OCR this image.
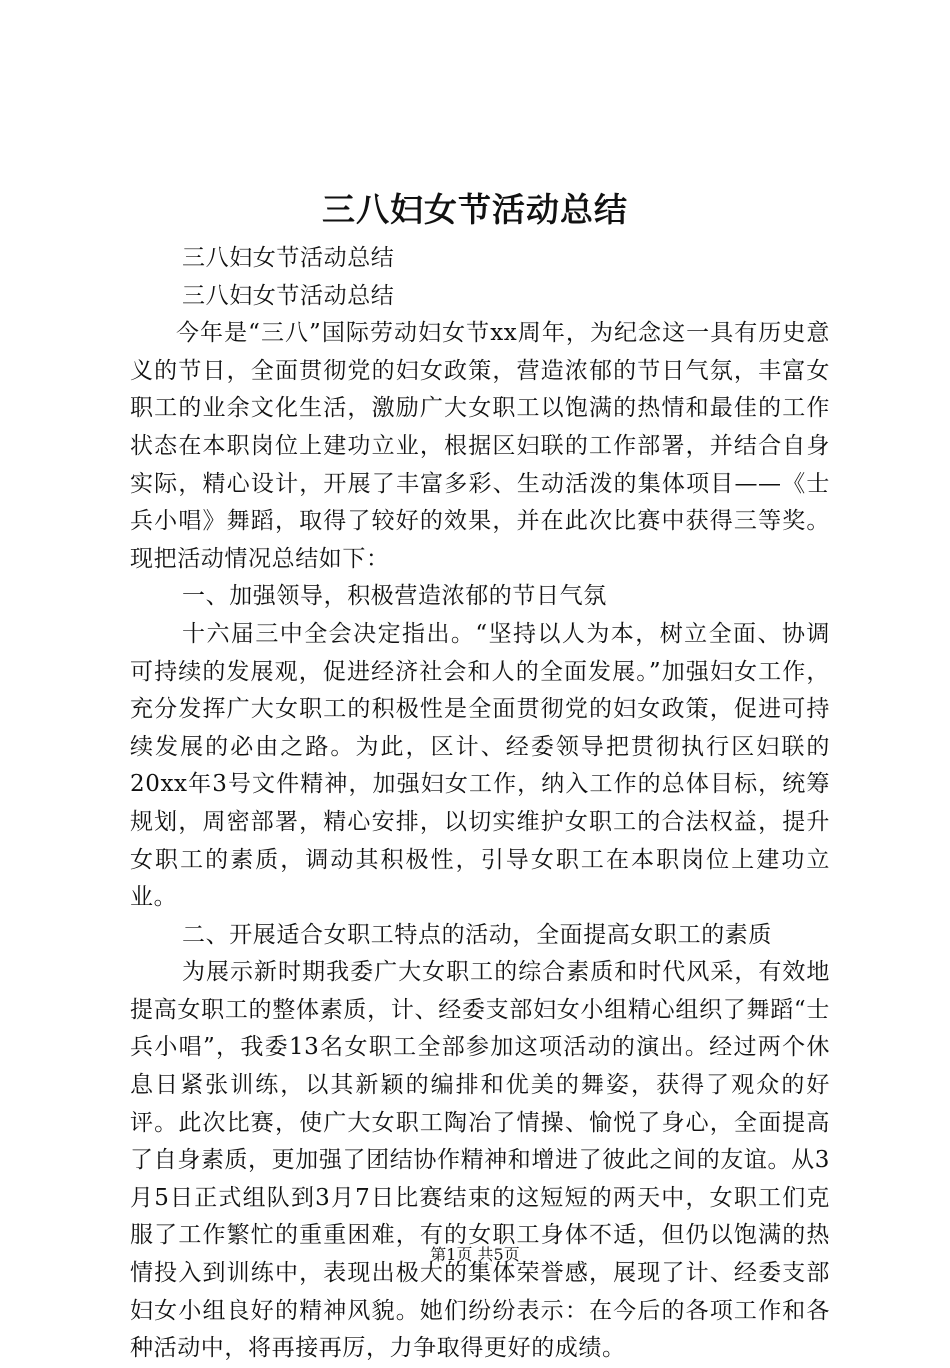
三八妇女节活动总结

三八妇女节活动总结

三八妇女节活动总结

今年是“三八”国际劳动妇女节xx周年，为纪念这一具有历史意义的节日，全面贯彻党的妇女政策，营造浓郁的节日气氛，丰富女职工的业余文化生活，激励广大女职工以饱满的热情和最佳的工作状态在本职岗位上建功立业，根据区妇联的工作部署，并结合自身实际，精心设计，开展了丰富多彩、生动活泼的集体项目——《士兵小唱》舞蹈，取得了较好的效果，并在此次比赛中获得三等奖。现把活动情况总结如下：

一、加强领导，积极营造浓郁的节日气氛

十六届三中全会决定指出。“坚持以人为本，树立全面、协调可持续的发展观，促进经济社会和人的全面发展。”加强妇女工作，充分发挥广大女职工的积极性是全面贯彻党的妇女政策，促进可持续发展的必由之路。为此，区计、经委领导把贯彻执行区妇联的20xx年3号文件精神，加强妇女工作，纳入工作的总体目标，统筹规划，周密部署，精心安排，以切实维护女职工的合法权益，提升女职工的素质，调动其积极性，引导女职工在本职岗位上建功立业。

二、开展适合女职工特点的活动，全面提高女职工的素质

为展示新时期我委广大女职工的综合素质和时代风采，有效地提高女职工的整体素质，计、经委支部妇女小组精心组织了舞蹈“士兵小唱”，我委13名女职工全部参加这项活动的演出。经过两个休息日紧张训练，以其新颖的编排和优美的舞姿，获得了观众的好评。此次比赛，使广大女职工陶冶了情操、愉悦了身心，全面提高了自身素质，更加强了团结协作精神和增进了彼此之间的友谊。从3月5日正式组队到3月7日比赛结束的这短短的两天中，女职工们克服了工作繁忙的重重困难，有的女职工身体不适，但仍以饱满的热情投入到训练中，表现出极大的集体荣誉感，展现了计、经委支部妇女小组良好的精神风貌。她们纷纷表示：在今后的各项工作和各种活动中，将再接再厉，力争取得更好的成绩。

第1页 共5页
